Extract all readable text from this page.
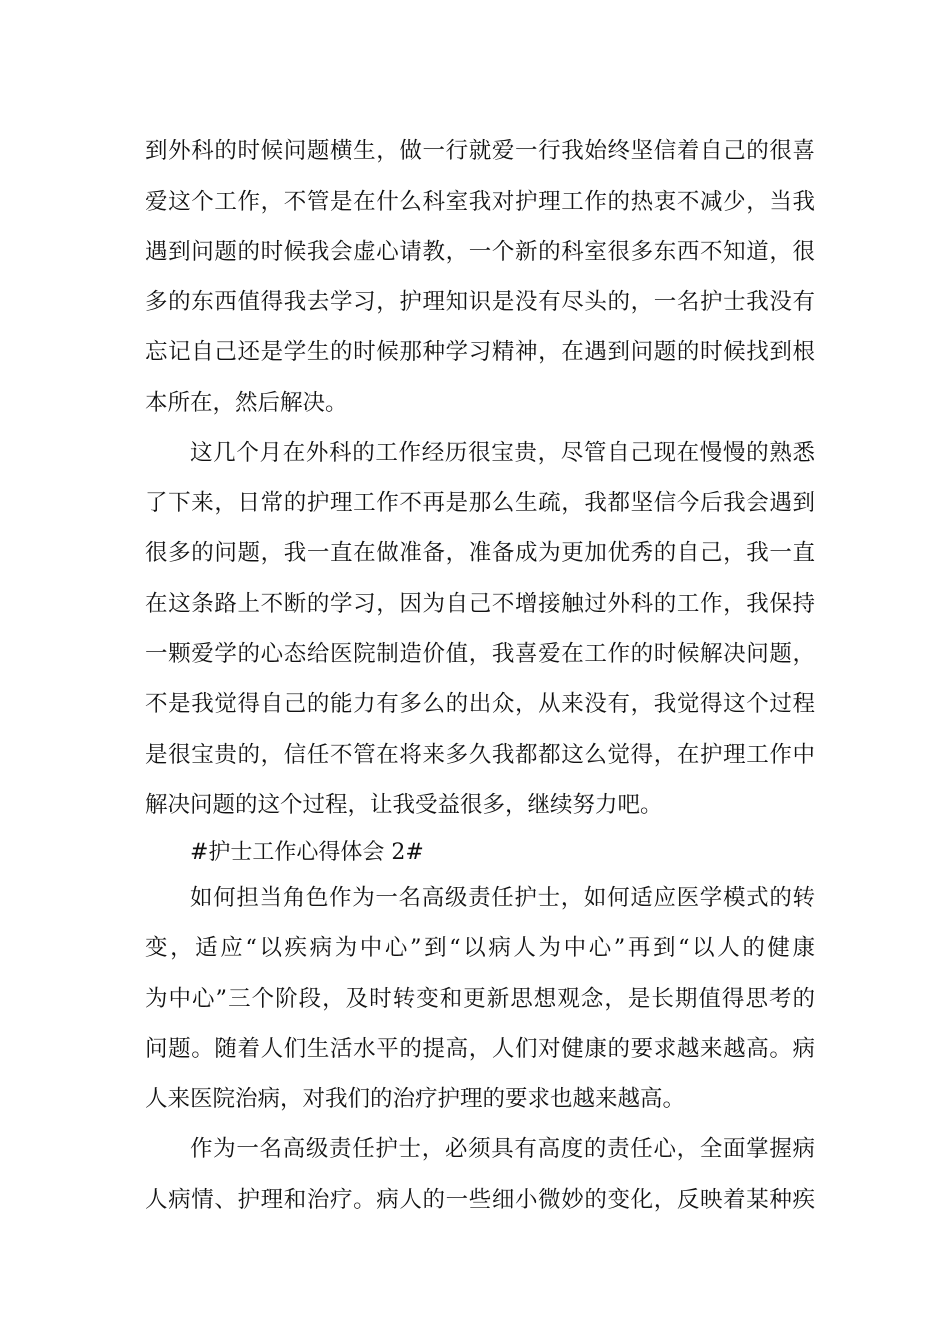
到外科的时候问题横生，做一行就爱一行我始终坚信着自己的很喜
爱这个工作，不管是在什么科室我对护理工作的热衷不减少，当我
遇到问题的时候我会虚心请教，一个新的科室很多东西不知道，很
多的东西值得我去学习，护理知识是没有尽头的，一名护士我没有
忘记自己还是学生的时候那种学习精神，在遇到问题的时候找到根
本所在，然后解决。
这几个月在外科的工作经历很宝贵，尽管自己现在慢慢的熟悉
了下来，日常的护理工作不再是那么生疏，我都坚信今后我会遇到
很多的问题，我一直在做准备，准备成为更加优秀的自己，我一直
在这条路上不断的学习，因为自己不增接触过外科的工作，我保持
一颗爱学的心态给医院制造价值，我喜爱在工作的时候解决问题，
不是我觉得自己的能力有多么的出众，从来没有，我觉得这个过程
是很宝贵的，信任不管在将来多久我都都这么觉得，在护理工作中
解决问题的这个过程，让我受益很多，继续努力吧。
#护士工作心得体会 2#
如何担当角色作为一名高级责任护士，如何适应医学模式的转
变，适应“以疾病为中心”到“以病人为中心”再到“以人的健康
为中心”三个阶段，及时转变和更新思想观念，是长期值得思考的
问题。随着人们生活水平的提高，人们对健康的要求越来越高。病
人来医院治病，对我们的治疗护理的要求也越来越高。
作为一名高级责任护士，必须具有高度的责任心，全面掌握病
人病情、护理和治疗。病人的一些细小微妙的变化，反映着某种疾
